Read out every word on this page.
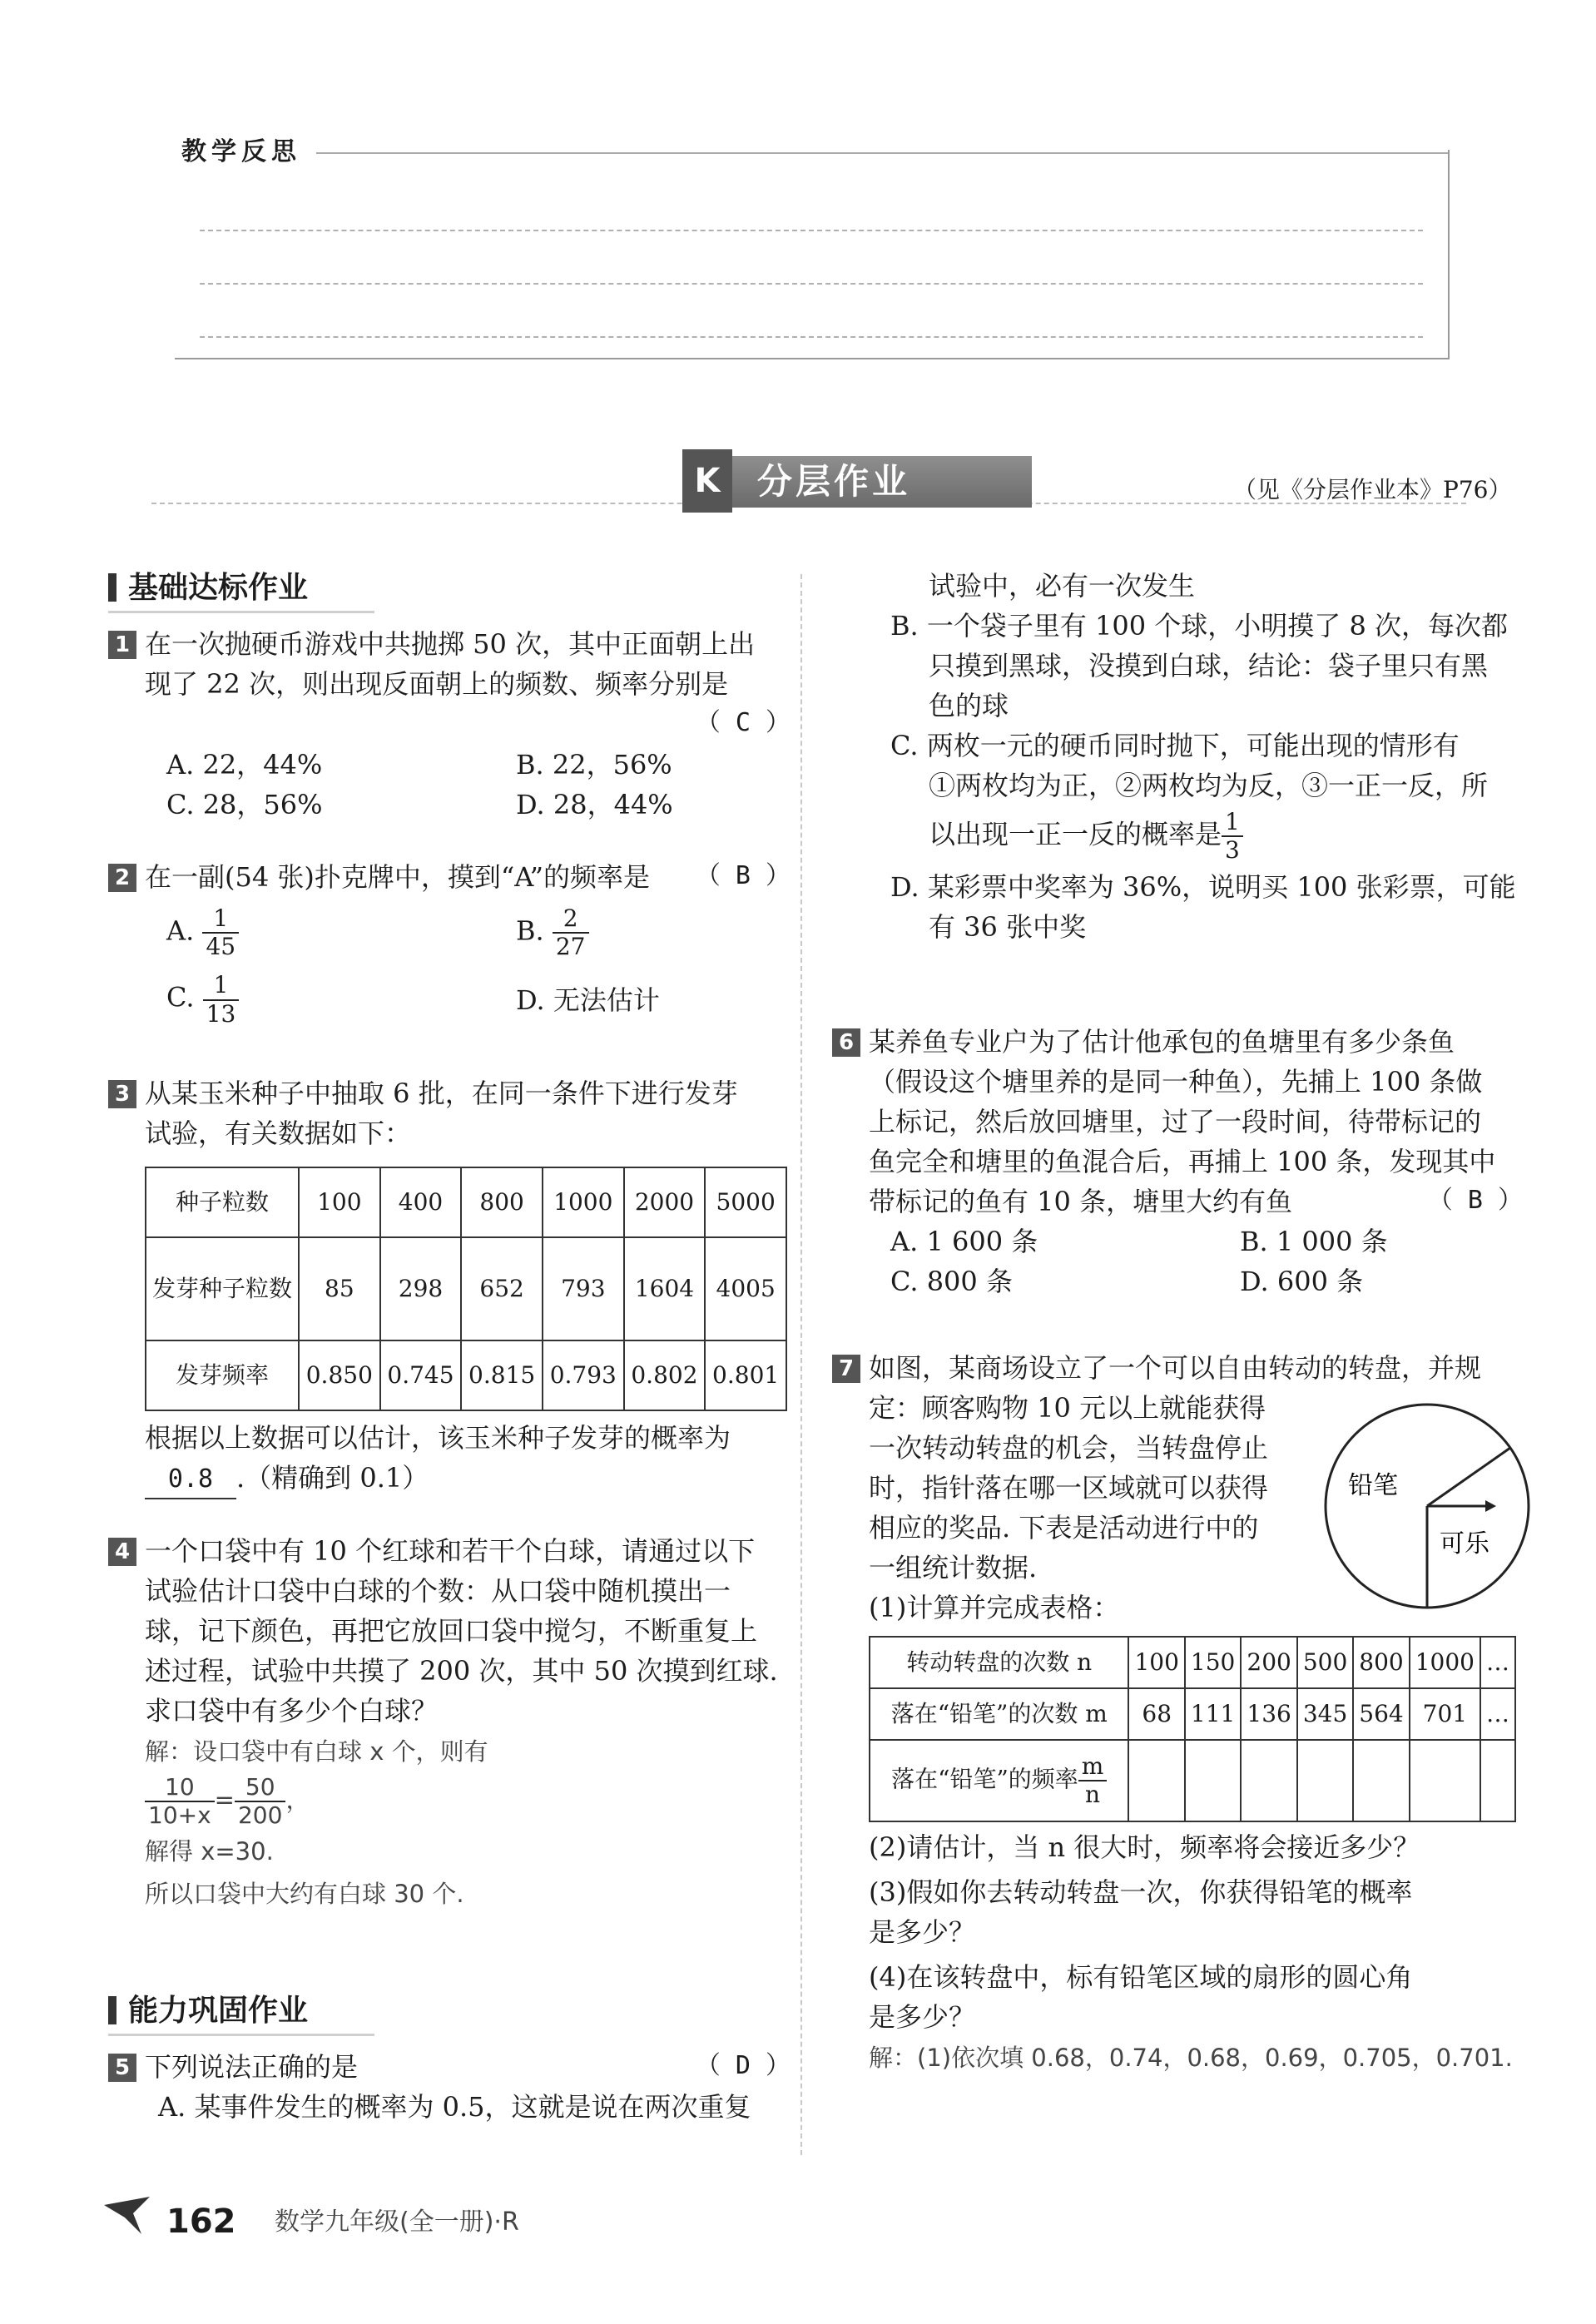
教学反思
K	分层作业	（见《分层作业本》P76）
基础达标作业
1 在一次抛硬币游戏中共抛掷 50 次，其中正面朝上出
现了 22 次，则出现反面朝上的频数、频率分别是
（ C ）
A. 22，44%	B. 22，56%
C. 28，56%	D. 28，44%
2 在一副(54 张)扑克牌中，摸到“A”的频率是 （ B ）
A. $\frac{1}{45}$	B. $\frac{2}{27}$
C. $\frac{1}{13}$	D. 无法估计
3 从某玉米种子中抽取 6 批，在同一条件下进行发芽
试验，有关数据如下：
种子粒数	100	400	800	1000	2000	5000
发芽种子粒数	85	298	652	793	1604	4005
发芽频率	0.850	0.745	0.815	0.793	0.802	0.801
根据以上数据可以估计，该玉米种子发芽的概率为
0.8 .（精确到 0.1）
4 一个口袋中有 10 个红球和若干个白球，请通过以下
试验估计口袋中白球的个数：从口袋中随机摸出一
球，记下颜色，再把它放回口袋中搅匀，不断重复上
述过程，试验中共摸了 200 次，其中 50 次摸到红球.
求口袋中有多少个白球？
解：设口袋中有白球 x 个，则有
$\frac{10}{10+x} = \frac{50}{200}$ ，
解得 x=30.
所以口袋中大约有白球 30 个.
能力巩固作业
5 下列说法正确的是	（ D ）
A. 某事件发生的概率为 0.5，这就是说在两次重复
试验中，必有一次发生
B. 一个袋子里有 100 个球，小明摸了 8 次，每次都
只摸到黑球，没摸到白球，结论：袋子里只有黑
色的球
C. 两枚一元的硬币同时抛下，可能出现的情形有
①两枚均为正，②两枚均为反，③一正一反，所
以出现一正一反的概率是 $\frac{1}{3}$
D. 某彩票中奖率为 36%，说明买 100 张彩票，可能
有 36 张中奖
6 某养鱼专业户为了估计他承包的鱼塘里有多少条鱼
（假设这个塘里养的是同一种鱼），先捕上 100 条做
上标记，然后放回塘里，过了一段时间，待带标记的
鱼完全和塘里的鱼混合后，再捕上 100 条，发现其中
带标记的鱼有 10 条，塘里大约有鱼	（ B ）
A. 1 600 条	B. 1 000 条
C. 800 条	D. 600 条
7 如图，某商场设立了一个可以自由转动的转盘，并规
定：顾客购物 10 元以上就能获得
一次转动转盘的机会，当转盘停止
时，指针落在哪一区域就可以获得
相应的奖品. 下表是活动进行中的
一组统计数据.
(1)计算并完成表格：
转动转盘的次数 n	100	150	200	500	800	1000	…
落在“铅笔”的次数 m	68	111	136	345	564	701	…
落在“铅笔”的频率 $\frac{m}{n}$

(2)请估计，当 n 很大时，频率将会接近多少？
(3)假如你去转动转盘一次，你获得铅笔的概率
是多少？
(4)在该转盘中，标有铅笔区域的扇形的圆心角
是多少？
解：(1)依次填 0.68，0.74，0.68，0.69，0.705，0.701.
铅笔
可乐
162 数学九年级(全一册)·R
